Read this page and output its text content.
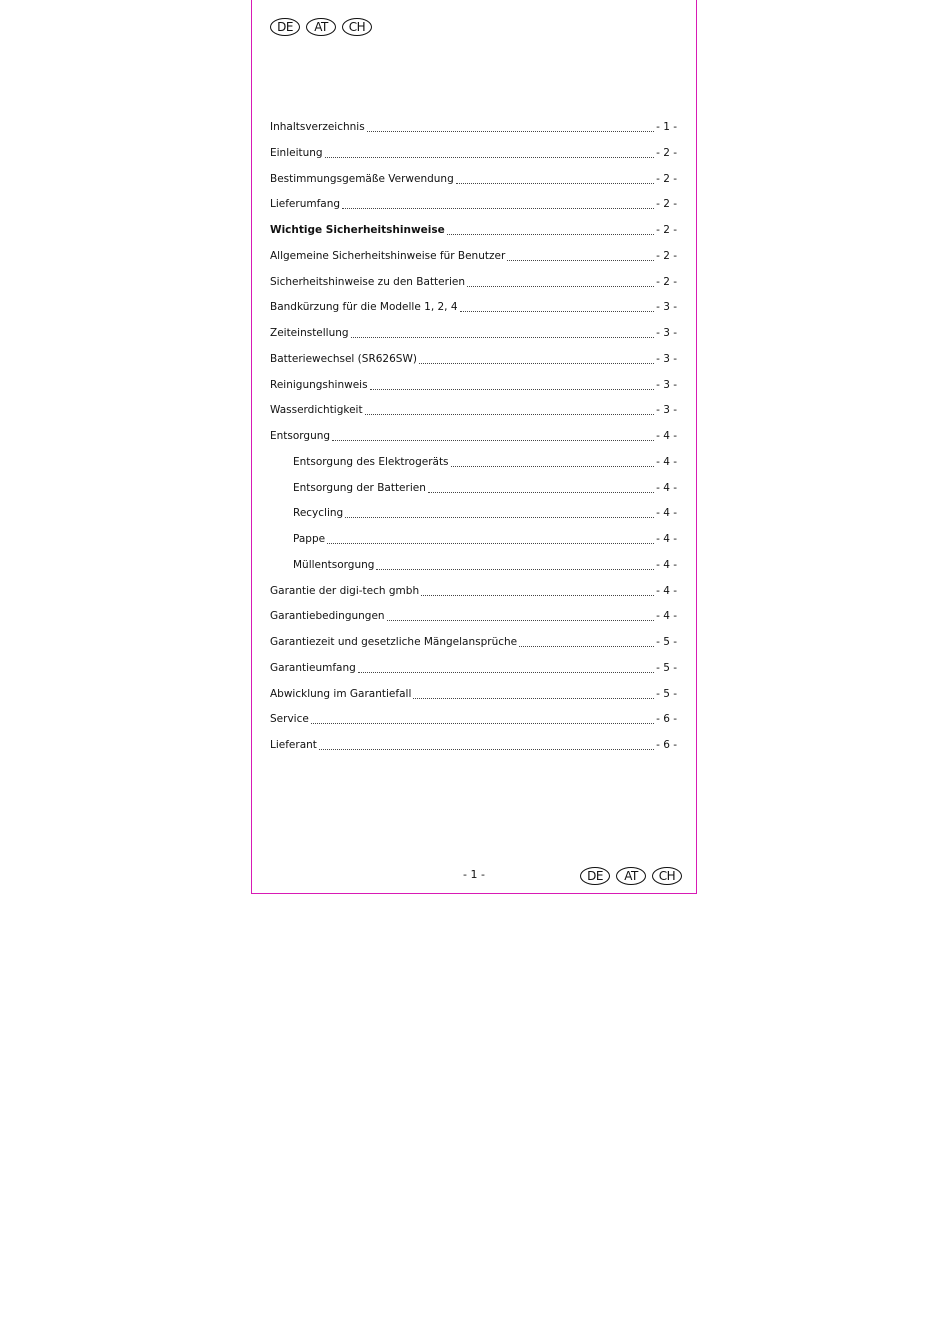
DE	AT	CH
Inhaltsverzeichnis	- 1 -
Einleitung	- 2 -
Bestimmungsgemäße Verwendung	- 2 -
Lieferumfang	- 2 -
Wichtige Sicherheitshinweise	- 2 -
Allgemeine Sicherheitshinweise für Benutzer	- 2 -
Sicherheitshinweise zu den Batterien	- 2 -
Bandkürzung für die Modelle 1, 2, 4	- 3 -
Zeiteinstellung	- 3 -
Batteriewechsel (SR626SW)	- 3 -
Reinigungshinweis	- 3 -
Wasserdichtigkeit	- 3 -
Entsorgung	- 4 -
Entsorgung des Elektrogeräts	- 4 -
Entsorgung der Batterien	- 4 -
Recycling	- 4 -
Pappe	- 4 -
Müllentsorgung	- 4 -
Garantie der digi-tech gmbh	- 4 -
Garantiebedingungen	- 4 -
Garantiezeit und gesetzliche Mängelansprüche	- 5 -
Garantieumfang	- 5 -
Abwicklung im Garantiefall	- 5 -
Service	- 6 -
Lieferant	- 6 -
- 1 -	DE	AT	CH
